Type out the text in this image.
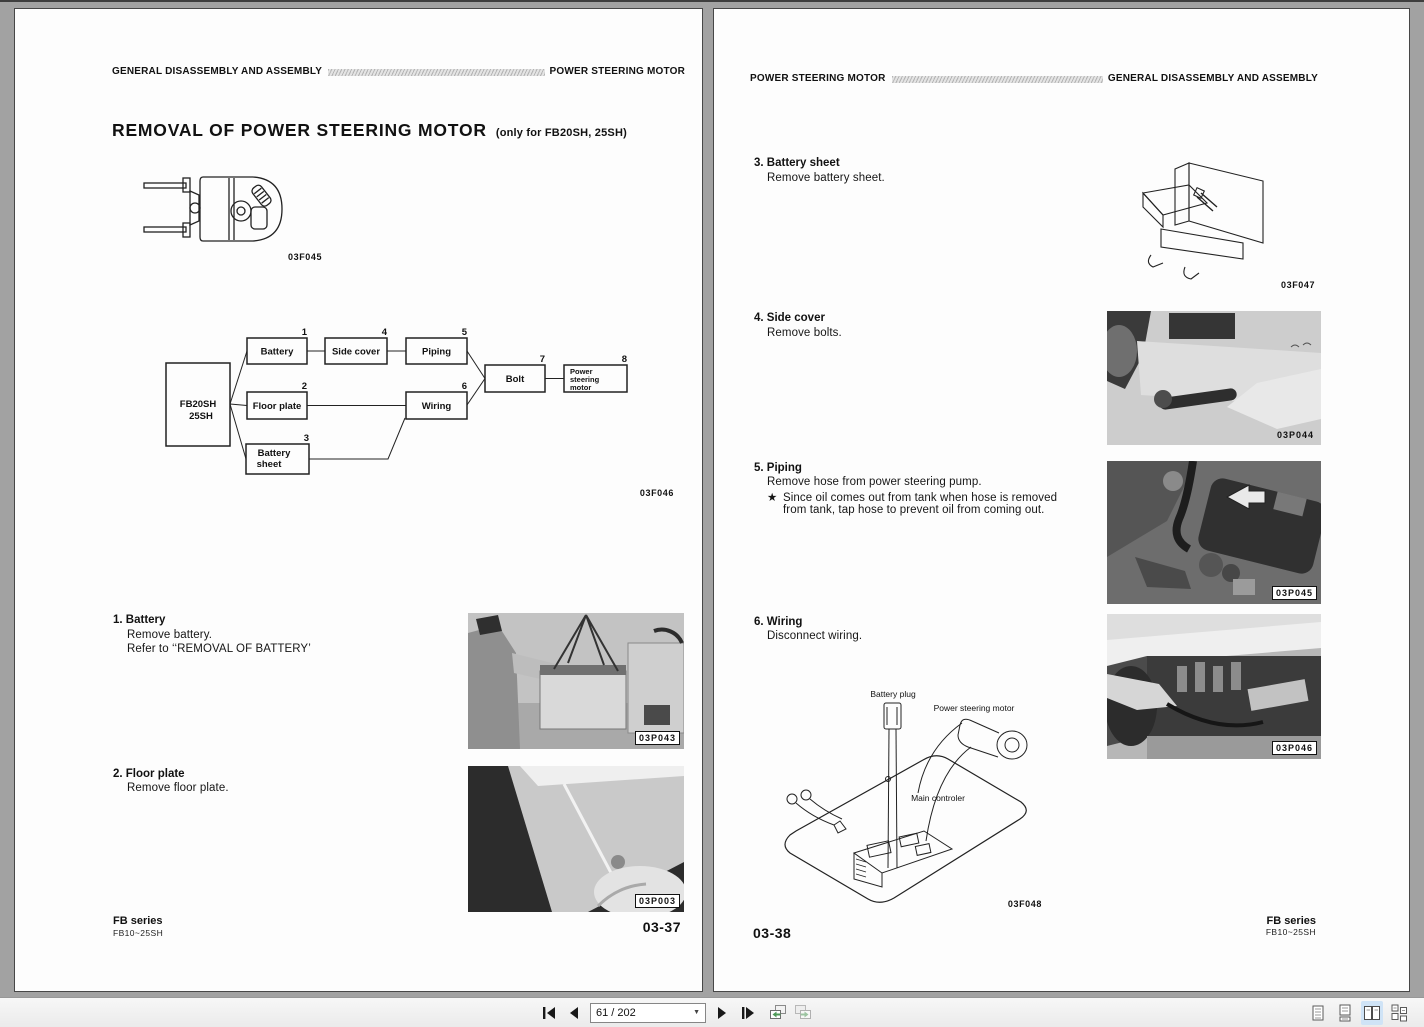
GENERAL DISASSEMBLY AND ASSEMBLY	POWER STEERING MOTOR
REMOVAL OF POWER STEERING MOTOR (only for FB20SH, 25SH)
03F045
FB20SH
25SH
Battery	Side cover	Piping
Floor plate	Wiring
Battery
sheet
Bolt
Power
steering
motor
1	4	5
2	6
3
7	8
03F046
1. Battery
Remove battery.
Refer to ‘‘REMOVAL OF BATTERY’
03P043
2. Floor plate
Remove floor plate.
03P003
FB series
FB10~25SH	03-37
POWER STEERING MOTOR	GENERAL DISASSEMBLY AND ASSEMBLY
3. Battery sheet
Remove battery sheet.
03F047
4. Side cover
Remove bolts.
03P044
5. Piping
Remove hose from power steering pump.
★ Since oil comes out from tank when hose is removed
from tank, tap hose to prevent oil from coming out.
03P045
6. Wiring
Disconnect wiring.
03P046
Battery plug
Power steering motor
Main controler
03F048
03-38
FB series
FB10~25SH
61 / 202
▼
